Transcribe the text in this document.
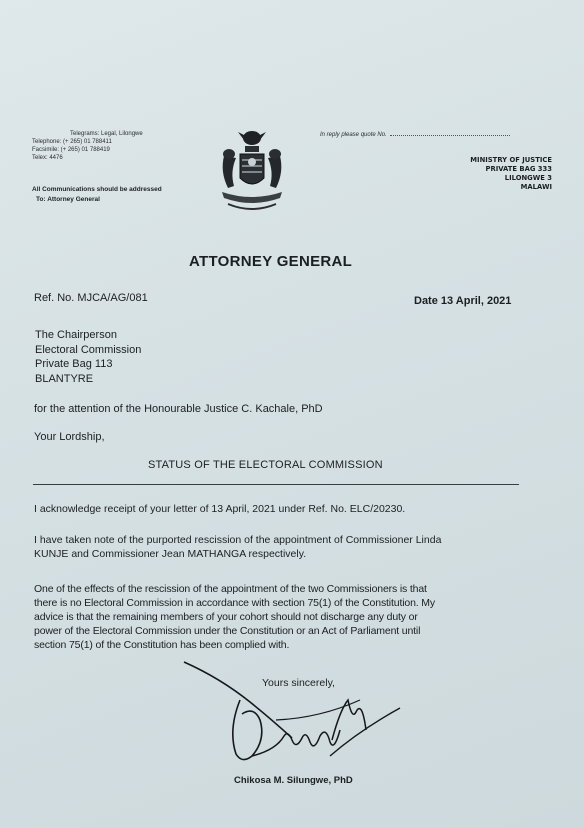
Telegrams: Legal, Lilongwe
Telephone: (+ 265) 01 788411
Facsimile: (+ 265) 01 788419
Telex: 4476
All Communications should be addressed
To: Attorney General
In reply please quote No.
MINISTRY OF JUSTICE
PRIVATE BAG 333
LILONGWE 3
MALAWI
ATTORNEY GENERAL
Ref. No. MJCA/AG/081	Date 13 April, 2021
The Chairperson
Electoral Commission
Private Bag 113
BLANTYRE
for the attention of the Honourable Justice C. Kachale, PhD
Your Lordship,
STATUS OF THE ELECTORAL COMMISSION
I acknowledge receipt of your letter of 13 April, 2021 under Ref. No. ELC/20230.
I have taken note of the purported rescission of the appointment of Commissioner Linda
KUNJE and Commissioner Jean MATHANGA respectively.
One of the effects of the rescission of the appointment of the two Commissioners is that
there is no Electoral Commission in accordance with section 75(1) of the Constitution. My
advice is that the remaining members of your cohort should not discharge any duty or
power of the Electoral Commission under the Constitution or an Act of Parliament until
section 75(1) of the Constitution has been complied with.
Yours sincerely,
Chikosa M. Silungwe, PhD
